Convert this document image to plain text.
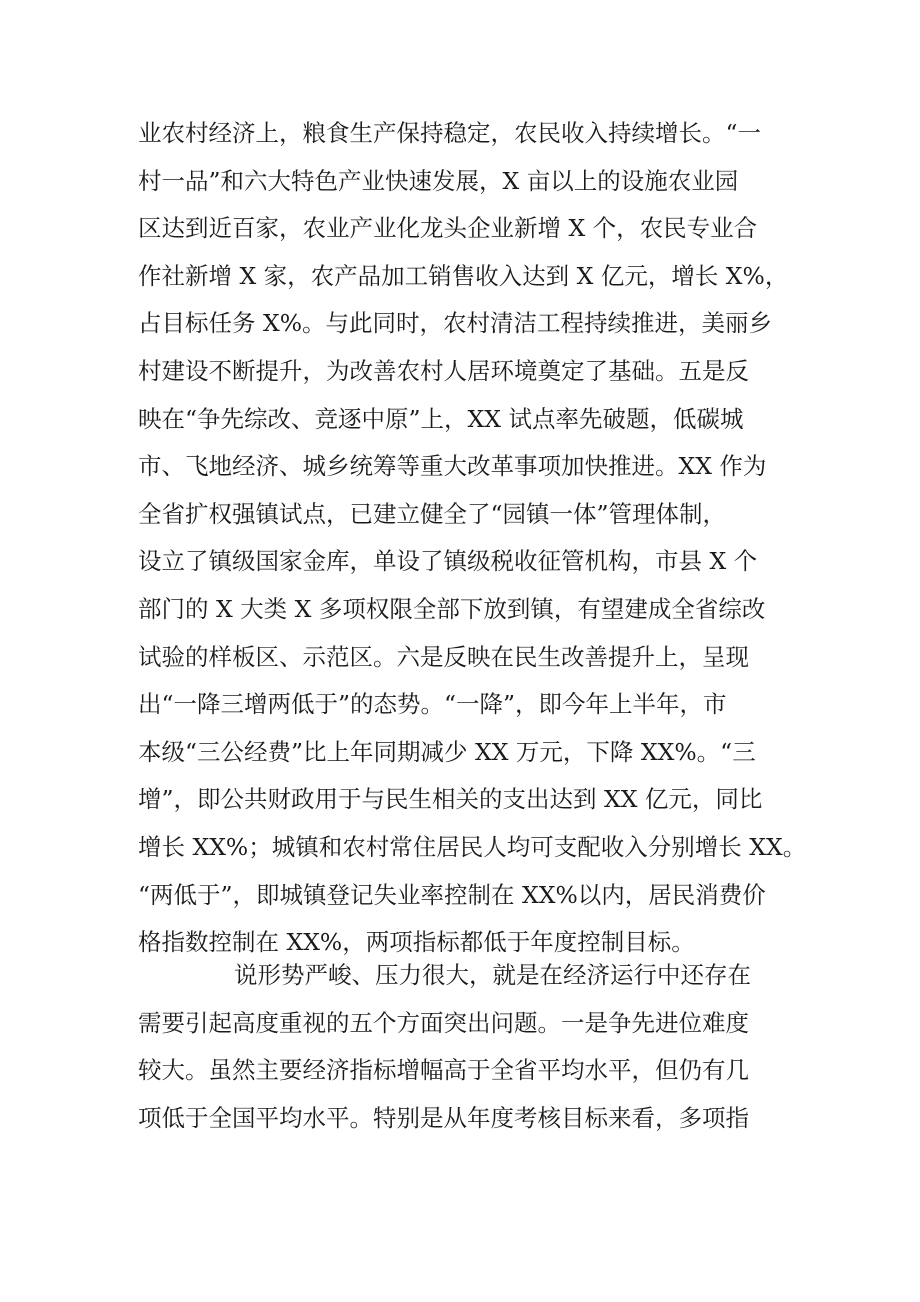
业农村经济上，粮食生产保持稳定，农民收入持续增长。“一
村一品”和六大特色产业快速发展，X 亩以上的设施农业园
区达到近百家，农业产业化龙头企业新增 X 个，农民专业合
作社新增 X 家，农产品加工销售收入达到 X 亿元，增长 X%，
占目标任务 X%。与此同时，农村清洁工程持续推进，美丽乡
村建设不断提升，为改善农村人居环境奠定了基础。五是反
映在“争先综改、竞逐中原”上，XX 试点率先破题，低碳城
市、飞地经济、城乡统筹等重大改革事项加快推进。XX 作为
全省扩权强镇试点，已建立健全了“园镇一体”管理体制，
设立了镇级国家金库，单设了镇级税收征管机构，市县 X 个
部门的 X 大类 X 多项权限全部下放到镇，有望建成全省综改
试验的样板区、示范区。六是反映在民生改善提升上，呈现
出“一降三增两低于”的态势。“一降”，即今年上半年，市
本级“三公经费”比上年同期减少 XX 万元，下降 XX%。“三
增”，即公共财政用于与民生相关的支出达到 XX 亿元，同比
增长 XX%；城镇和农村常住居民人均可支配收入分别增长 XX。
“两低于”，即城镇登记失业率控制在 XX%以内，居民消费价
格指数控制在 XX%，两项指标都低于年度控制目标。
说形势严峻、压力很大，就是在经济运行中还存在
需要引起高度重视的五个方面突出问题。一是争先进位难度
较大。虽然主要经济指标增幅高于全省平均水平，但仍有几
项低于全国平均水平。特别是从年度考核目标来看，多项指
